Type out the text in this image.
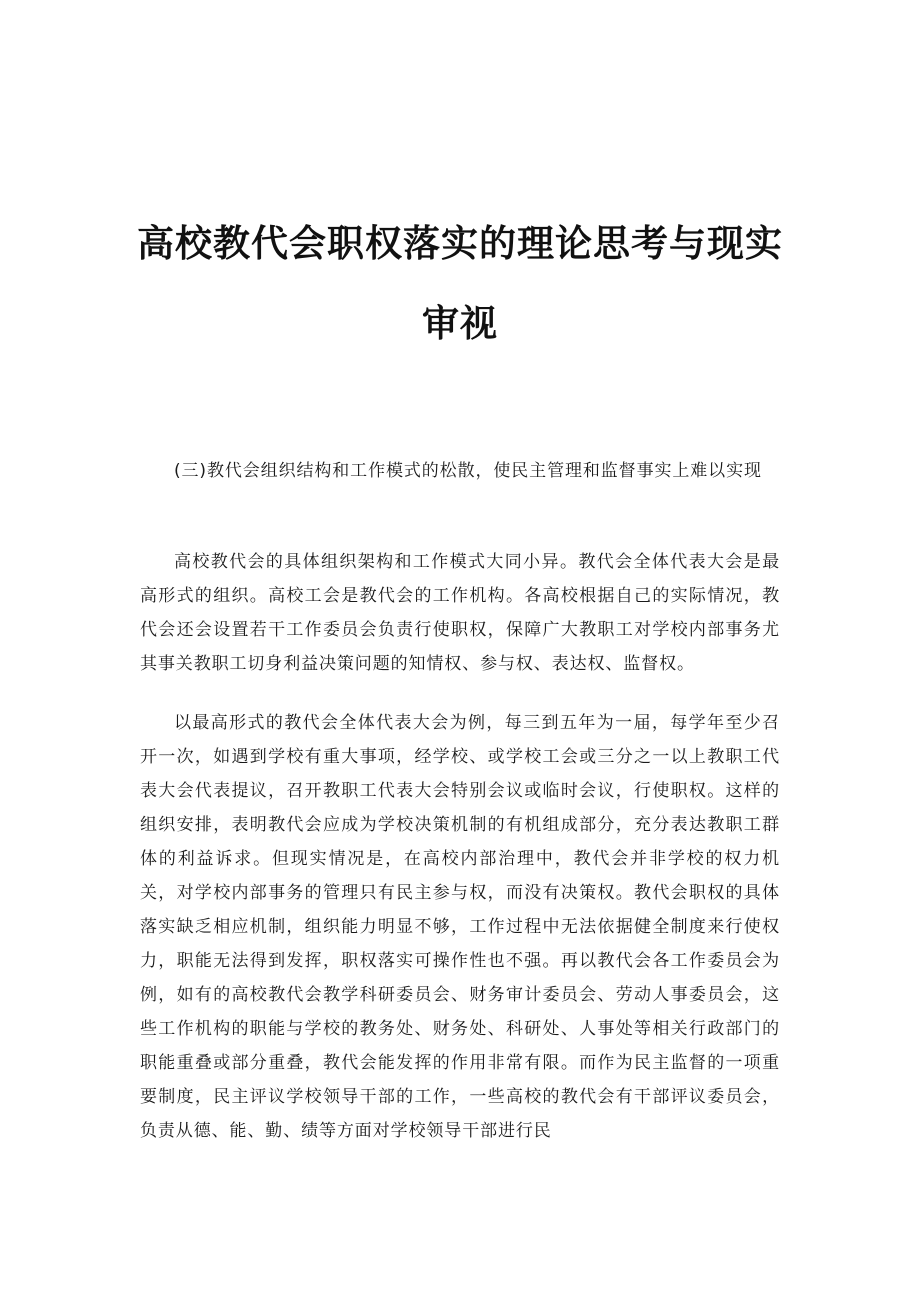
高校教代会职权落实的理论思考与现实
审视

(三)教代会组织结构和工作模式的松散，使民主管理和监督事实上难以实现

高校教代会的具体组织架构和工作模式大同小异。教代会全体代表大会是最高形式的组织。高校工会是教代会的工作机构。各高校根据自己的实际情况，教代会还会设置若干工作委员会负责行使职权，保障广大教职工对学校内部事务尤其事关教职工切身利益决策问题的知情权、参与权、表达权、监督权。

以最高形式的教代会全体代表大会为例，每三到五年为一届，每学年至少召开一次，如遇到学校有重大事项，经学校、或学校工会或三分之一以上教职工代表大会代表提议，召开教职工代表大会特别会议或临时会议，行使职权。这样的组织安排，表明教代会应成为学校决策机制的有机组成部分，充分表达教职工群体的利益诉求。但现实情况是，在高校内部治理中，教代会并非学校的权力机关，对学校内部事务的管理只有民主参与权，而没有决策权。教代会职权的具体落实缺乏相应机制，组织能力明显不够，工作过程中无法依据健全制度来行使权力，职能无法得到发挥，职权落实可操作性也不强。再以教代会各工作委员会为例，如有的高校教代会教学科研委员会、财务审计委员会、劳动人事委员会，这些工作机构的职能与学校的教务处、财务处、科研处、人事处等相关行政部门的职能重叠或部分重叠，教代会能发挥的作用非常有限。而作为民主监督的一项重要制度，民主评议学校领导干部的工作，一些高校的教代会有干部评议委员会，负责从德、能、勤、绩等方面对学校领导干部进行民
